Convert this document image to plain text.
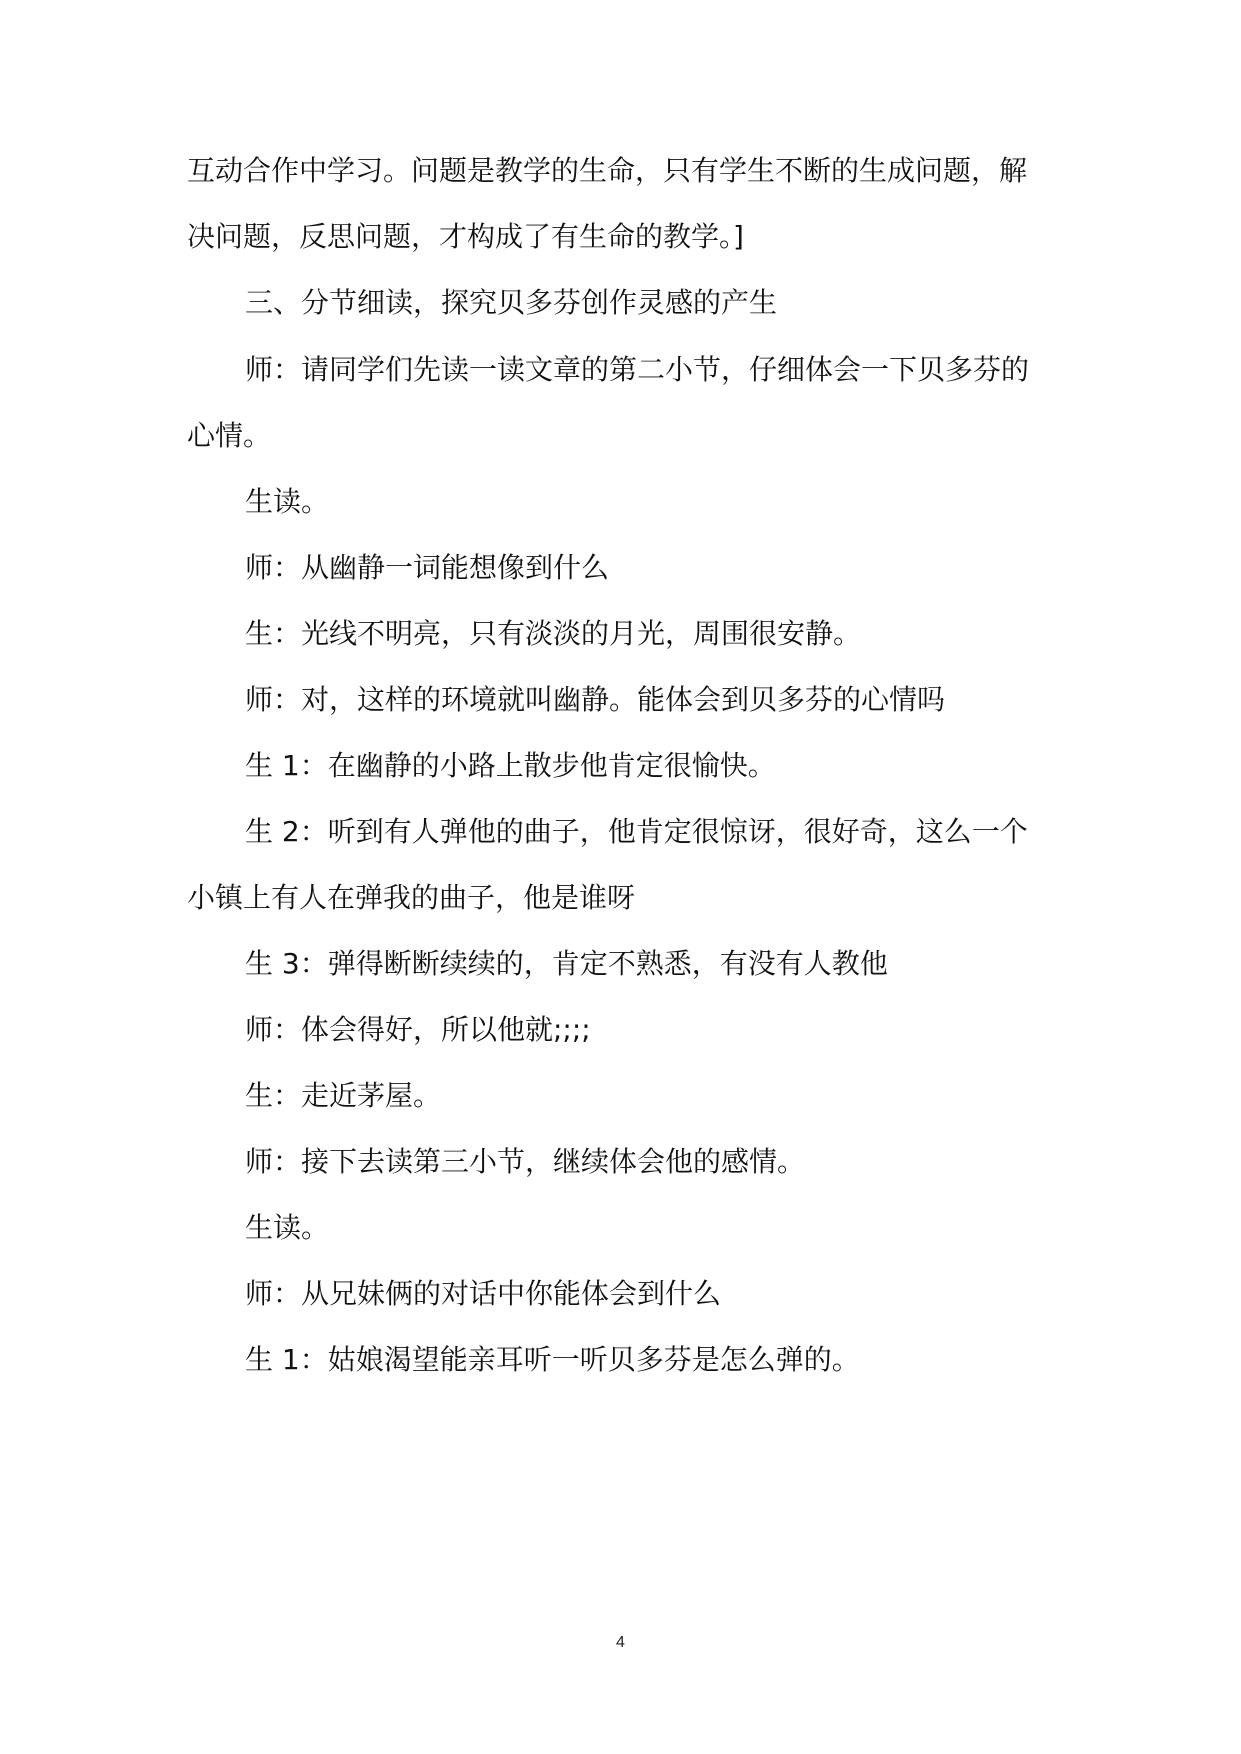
互动合作中学习。问题是教学的生命，只有学生不断的生成问题，解
决问题，反思问题，才构成了有生命的教学。]
三、分节细读，探究贝多芬创作灵感的产生
师：请同学们先读一读文章的第二小节，仔细体会一下贝多芬的
心情。
生读。
师：从幽静一词能想像到什么
生：光线不明亮，只有淡淡的月光，周围很安静。
师：对，这样的环境就叫幽静。能体会到贝多芬的心情吗
生 1：在幽静的小路上散步他肯定很愉快。
生 2：听到有人弹他的曲子，他肯定很惊讶，很好奇，这么一个
小镇上有人在弹我的曲子，他是谁呀
生 3：弹得断断续续的，肯定不熟悉，有没有人教他
师：体会得好，所以他就;;;;
生：走近茅屋。
师：接下去读第三小节，继续体会他的感情。
生读。
师：从兄妹俩的对话中你能体会到什么
生 1：姑娘渴望能亲耳听一听贝多芬是怎么弹的。
4
